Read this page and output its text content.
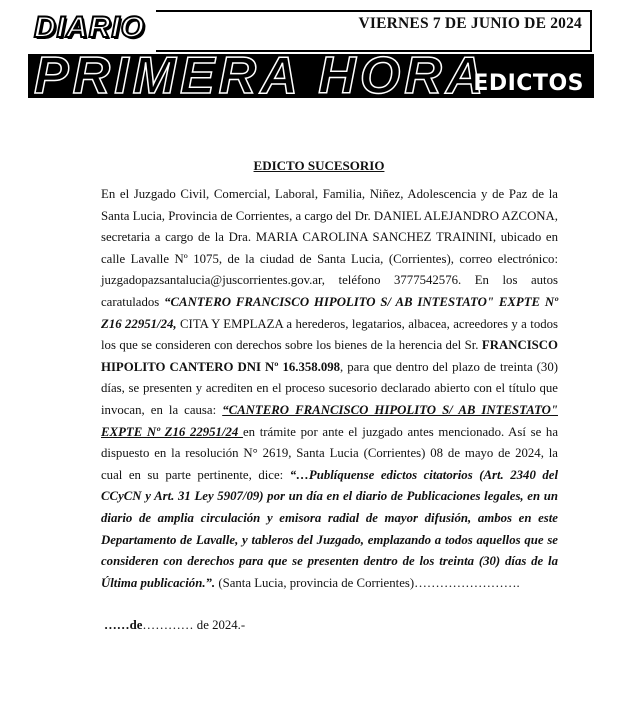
VIERNES 7 DE JUNIO DE 2024
DIARIO
PRIMERA HORA
EDICTOS
EDICTO SUCESORIO
En el Juzgado Civil, Comercial, Laboral, Familia, Niñez, Adolescencia y de Paz de la Santa Lucia, Provincia de Corrientes, a cargo del Dr. DANIEL ALEJANDRO AZCONA, secretaria a cargo de la Dra. MARIA CAROLINA SANCHEZ TRAININI, ubicado en calle Lavalle Nº 1075, de la ciudad de Santa Lucia, (Corrientes), correo electrónico: juzgadopazsantalucia@juscorrientes.gov.ar, teléfono 3777542576. En los autos caratulados “CANTERO FRANCISCO HIPOLITO S/ AB INTESTATO" EXPTE Nº Z16 22951/24, CITA Y EMPLAZA a herederos, legatarios, albacea, acreedores y a todos los que se consideren con derechos sobre los bienes de la herencia del Sr. FRANCISCO HIPOLITO CANTERO DNI Nº 16.358.098, para que dentro del plazo de treinta (30) días, se presenten y acrediten en el proceso sucesorio declarado abierto con el título que invocan, en la causa: “CANTERO FRANCISCO HIPOLITO S/ AB INTESTATO" EXPTE Nº Z16 22951/24 en trámite por ante el juzgado antes mencionado. Así se ha dispuesto en la resolución N° 2619, Santa Lucia (Corrientes) 08 de mayo de 2024, la cual en su parte pertinente, dice: “…Publíquense edictos citatorios (Art. 2340 del CCyCN y Art. 31 Ley 5907/09) por un día en el diario de Publicaciones legales, en un diario de amplia circulación y emisora radial de mayor difusión, ambos en este Departamento de Lavalle, y tableros del Juzgado, emplazando a todos aquellos que se consideren con derechos para que se presenten dentro de los treinta (30) días de la Última publicación.”. (Santa Lucia, provincia de Corrientes)…………………….
……de………… de 2024.-
